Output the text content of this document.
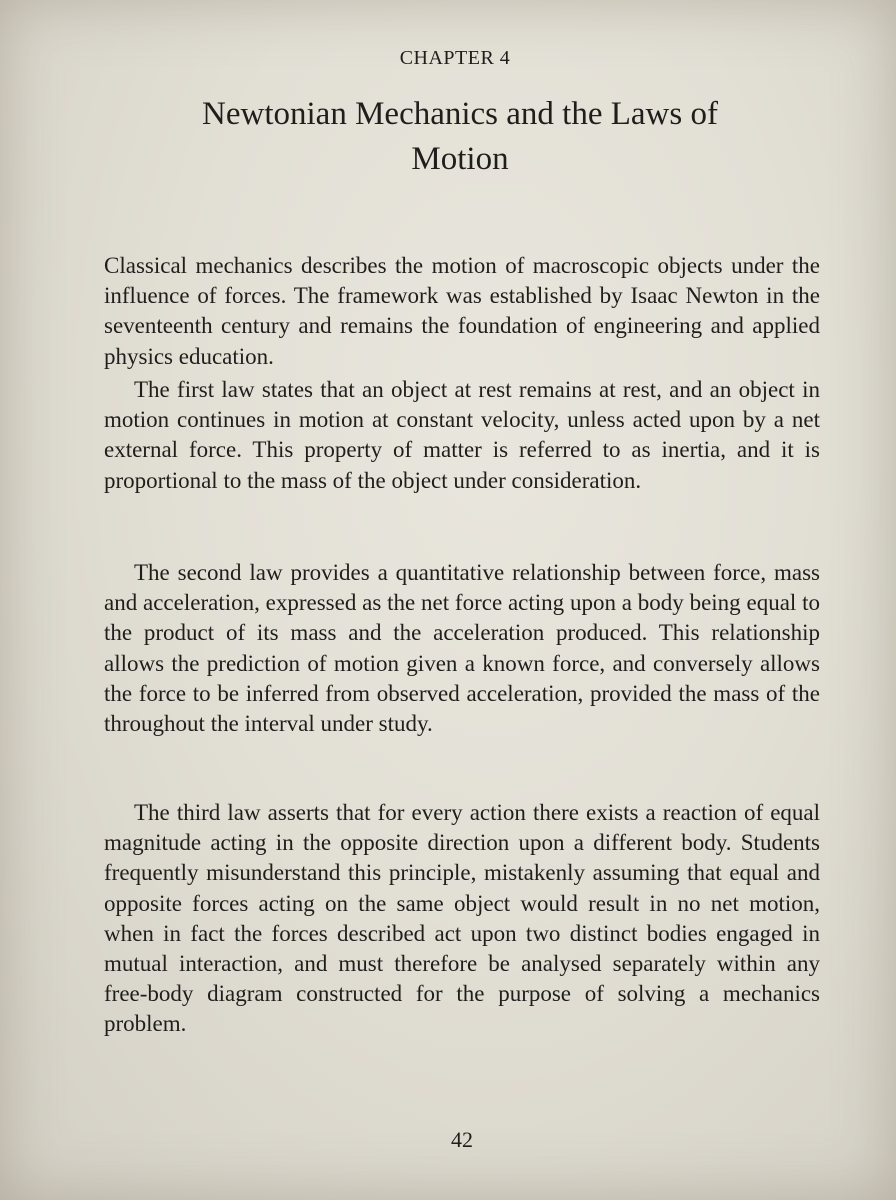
CHAPTER 4
Newtonian Mechanics and the Laws of Motion

Classical mechanics describes the motion of macroscopic objects under the influence of forces. The framework was established by Isaac Newton in the seventeenth century and remains the foundation of engineering and applied physics education.

The first law states that an object at rest remains at rest, and an object in motion continues in motion at constant velocity, unless acted upon by a net external force. This property of matter is referred to as inertia, and it is proportional to the mass of the object under consideration.

The second law provides a quantitative relationship between force, mass and acceleration, expressed as the net force acting upon a body being equal to the product of its mass and the acceleration produced. This relationship allows the prediction of motion given a known force, and conversely allows the force to be inferred from observed acceleration, provided the mass of the throughout the interval under study.

The third law asserts that for every action there exists a reaction of equal magnitude acting in the opposite direction upon a different body. Students frequently misunderstand this principle, mistakenly assuming that equal and opposite forces acting on the same object would result in no net motion, when in fact the forces described act upon two distinct bodies engaged in mutual interaction, and must therefore be analysed separately within any free-body diagram constructed for the purpose of solving a mechanics problem.

42
